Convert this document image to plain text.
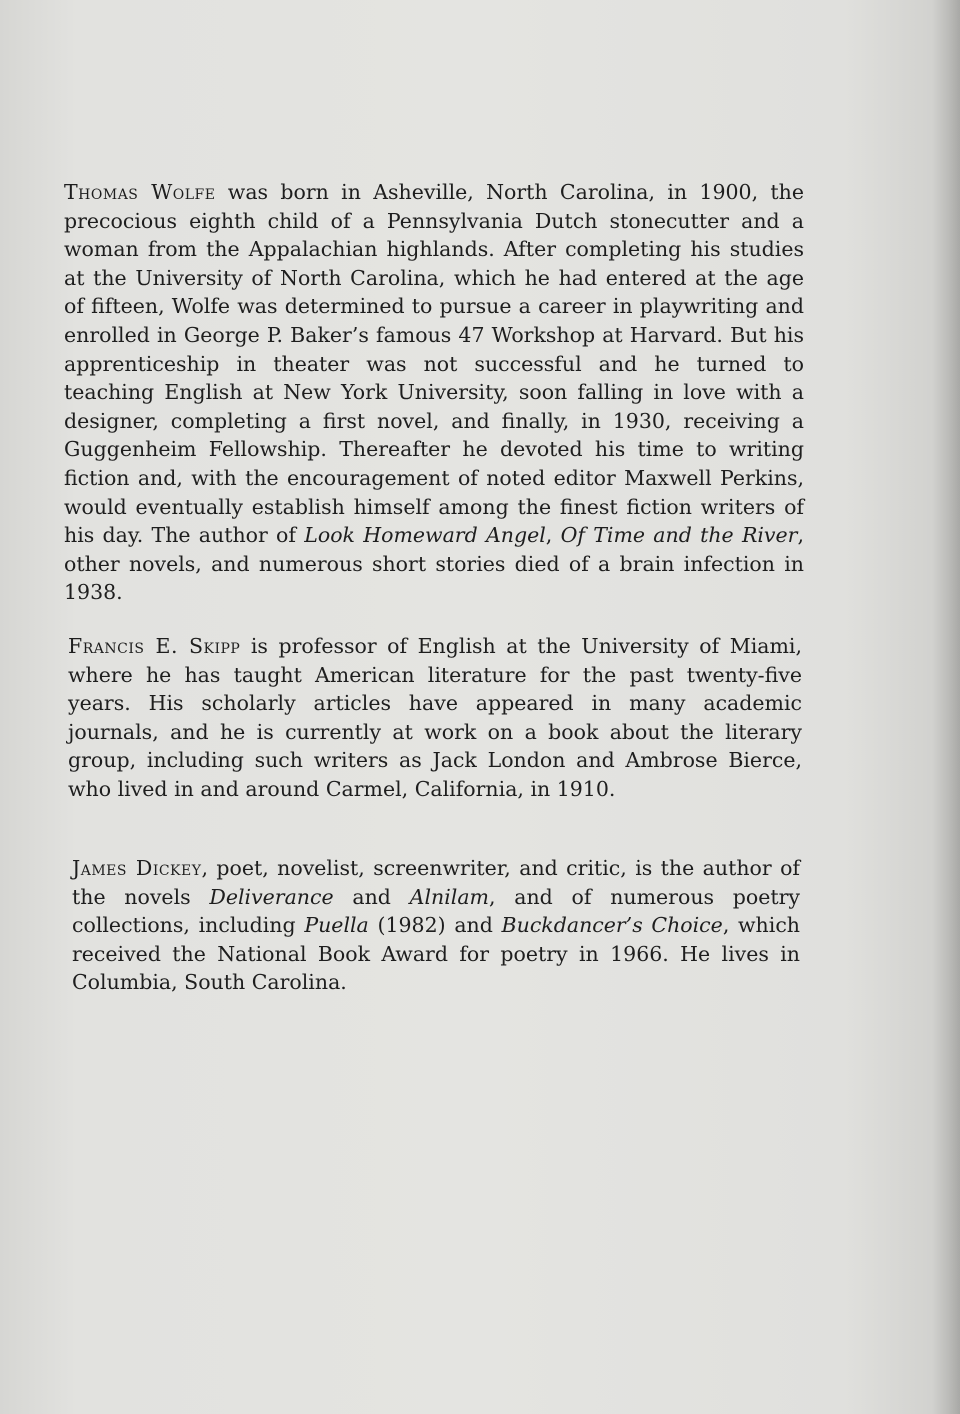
Thomas Wolfe was born in Asheville, North Carolina, in 1900, the precocious eighth child of a Pennsylvania Dutch stonecutter and a woman from the Appalachian highlands. After completing his studies at the University of North Carolina, which he had entered at the age of fifteen, Wolfe was determined to pursue a career in playwriting and enrolled in George P. Baker’s famous 47 Workshop at Harvard. But his apprenticeship in theater was not successful and he turned to teaching English at New York University, soon falling in love with a designer, completing a first novel, and finally, in 1930, receiving a Guggenheim Fellowship. Thereafter he devoted his time to writing fiction and, with the encouragement of noted editor Maxwell Perkins, would eventually establish himself among the finest fiction writers of his day. The author of Look Homeward Angel, Of Time and the River, other novels, and numerous short stories died of a brain infection in 1938.

Francis E. Skipp is professor of English at the University of Miami, where he has taught American literature for the past twenty-five years. His scholarly articles have appeared in many academic journals, and he is currently at work on a book about the literary group, including such writers as Jack London and Ambrose Bierce, who lived in and around Carmel, California, in 1910.

James Dickey, poet, novelist, screenwriter, and critic, is the author of the novels Deliverance and Alnilam, and of numerous poetry collections, including Puella (1982) and Buckdancer’s Choice, which received the National Book Award for poetry in 1966. He lives in Columbia, South Carolina.
